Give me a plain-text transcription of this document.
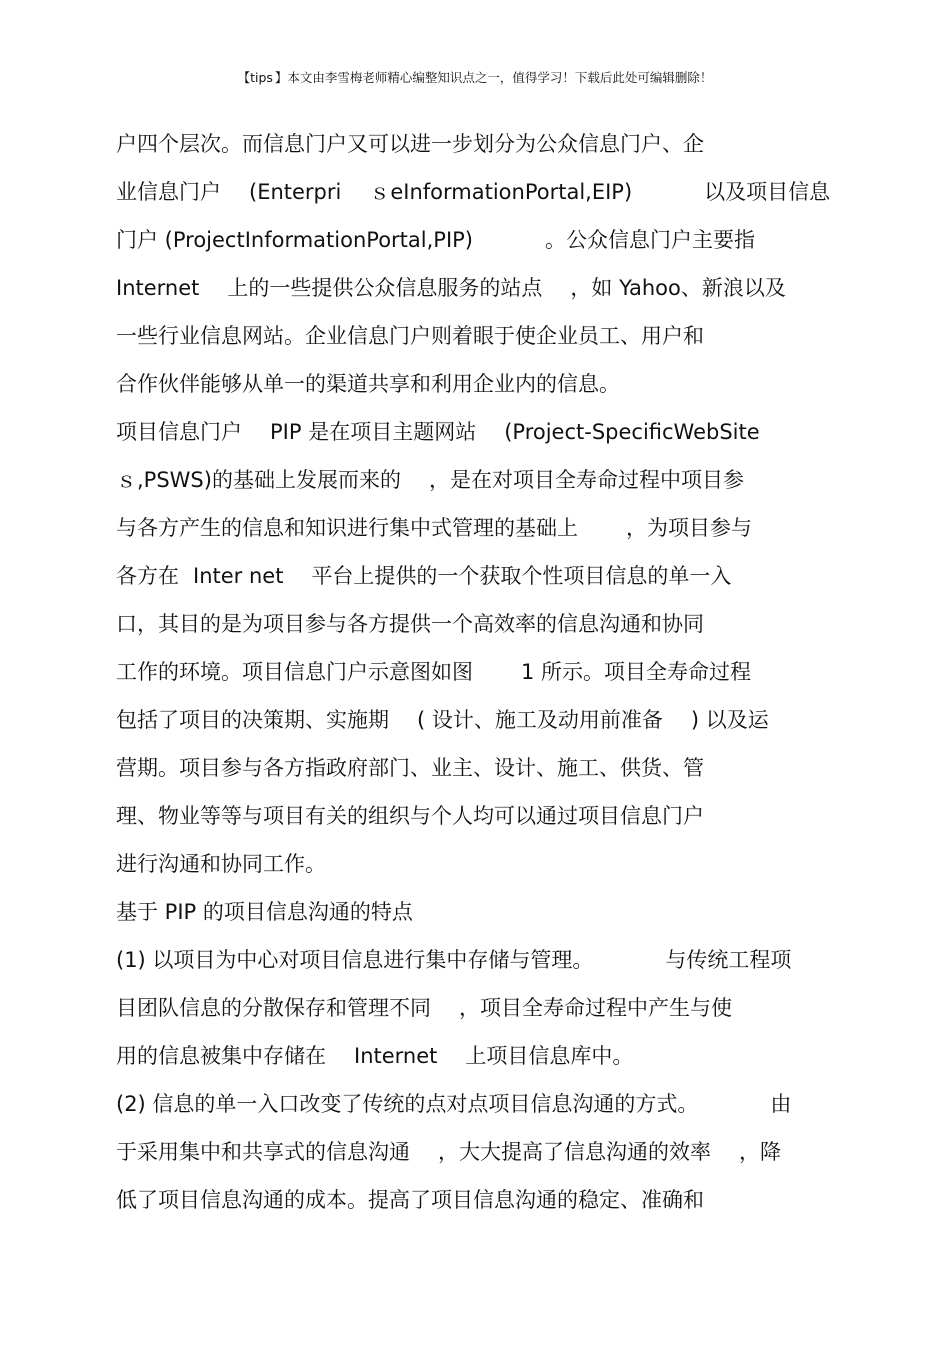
【tips 】本文由李雪梅老师精心编整知识点之一，值得学习！下载后此处可编辑删除！
户四个层次。而信息门户又可以进一步划分为公众信息门户、企
业信息门户 (Enterpri ｓeInformationPortal,EIP)	以及项目信息
门户 (ProjectInformationPortal,PIP)	。公众信息门户主要指
Internet 上的一些提供公众信息服务的站点 ，如 Yahoo、新浪以及
一些行业信息网站。企业信息门户则着眼于使企业员工、用户和
合作伙伴能够从单一的渠道共享和利用企业内的信息。
项目信息门户 PIP 是在项目主题网站 (Project-SpecificWebSite
ｓ,PSWS)的基础上发展而来的 ，是在对项目全寿命过程中项目参
与各方产生的信息和知识进行集中式管理的基础上 ，为项目参与
各方在 Inter net 平台上提供的一个获取个性项目信息的单一入
口，其目的是为项目参与各方提供一个高效率的信息沟通和协同
工作的环境。项目信息门户示意图如图 1 所示。项目全寿命过程
包括了项目的决策期、实施期 ( 设计、施工及动用前准备 ) 以及运
营期。项目参与各方指政府部门、业主、设计、施工、供货、管
理、物业等等与项目有关的组织与个人均可以通过项目信息门户
进行沟通和协同工作。
基于 PIP 的项目信息沟通的特点
(1) 以项目为中心对项目信息进行集中存储与管理。	与传统工程项
目团队信息的分散保存和管理不同 ，项目全寿命过程中产生与使
用的信息被集中存储在 Internet 上项目信息库中。
(2) 信息的单一入口改变了传统的点对点项目信息沟通的方式。	由
于采用集中和共享式的信息沟通 ，大大提高了信息沟通的效率 ，降
低了项目信息沟通的成本。提高了项目信息沟通的稳定、准确和
